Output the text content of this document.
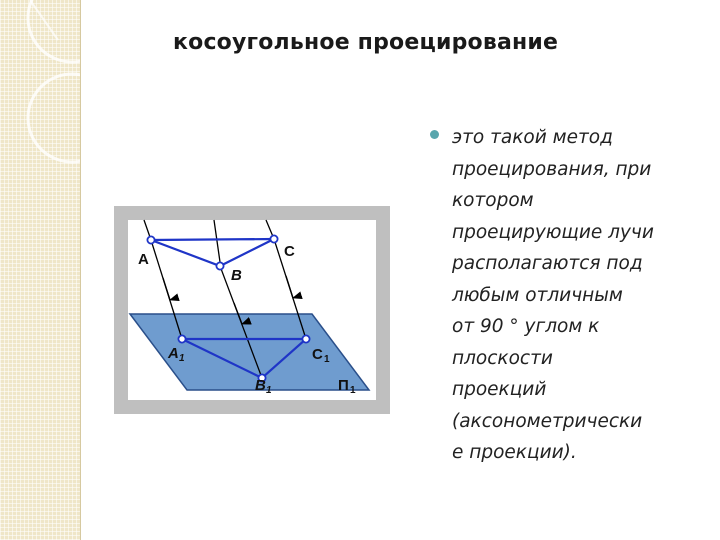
косоугольное проецирование
это такой метод
проецирования, при
котором
проецирующие лучи
располагаются под
любым отличным
от 90 ° углом к
плоскости
проекций
(аксонометрически
е проекции).
A
B
C
A 1
B 1
C 1
П 1
